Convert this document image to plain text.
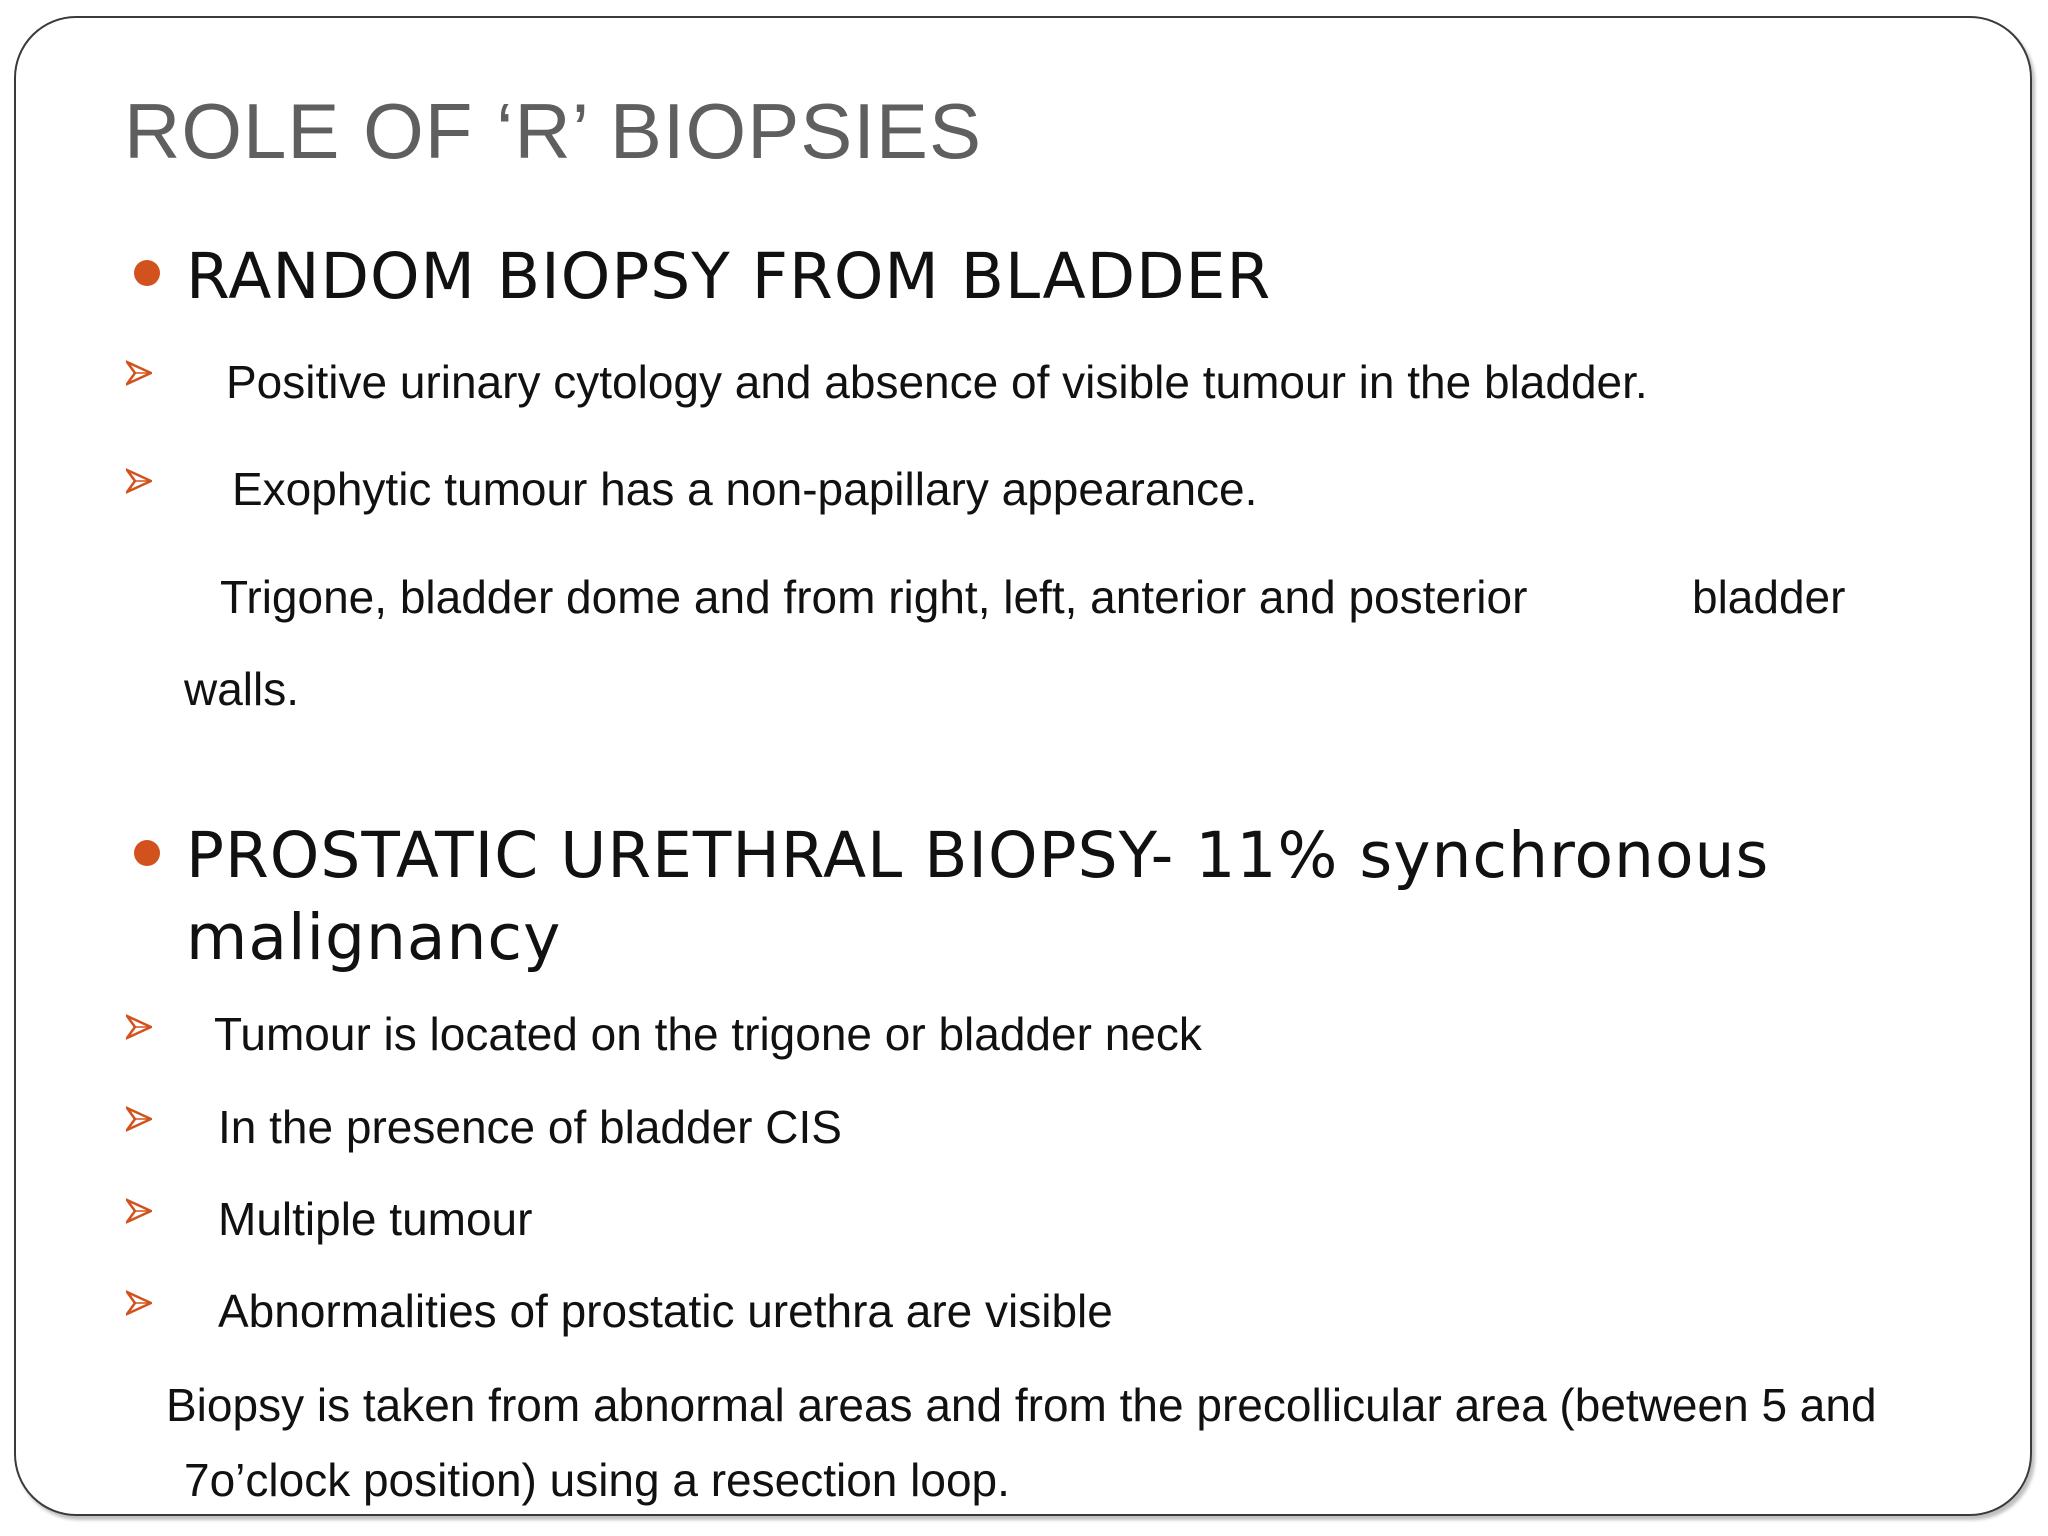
ROLE OF ‘R’ BIOPSIES
RANDOM BIOPSY FROM BLADDER
Positive urinary cytology and absence of visible tumour in the bladder.
Exophytic tumour has a non-papillary appearance.
Trigone, bladder dome and from right, left, anterior and posterior	bladder
walls.
PROSTATIC URETHRAL BIOPSY- 11% synchronous
malignancy
Tumour is located on the trigone or bladder neck
In the presence of bladder CIS
Multiple tumour
Abnormalities of prostatic urethra are visible
Biopsy is taken from abnormal areas and from the precollicular area (between 5 and
7o’clock position) using a resection loop.
